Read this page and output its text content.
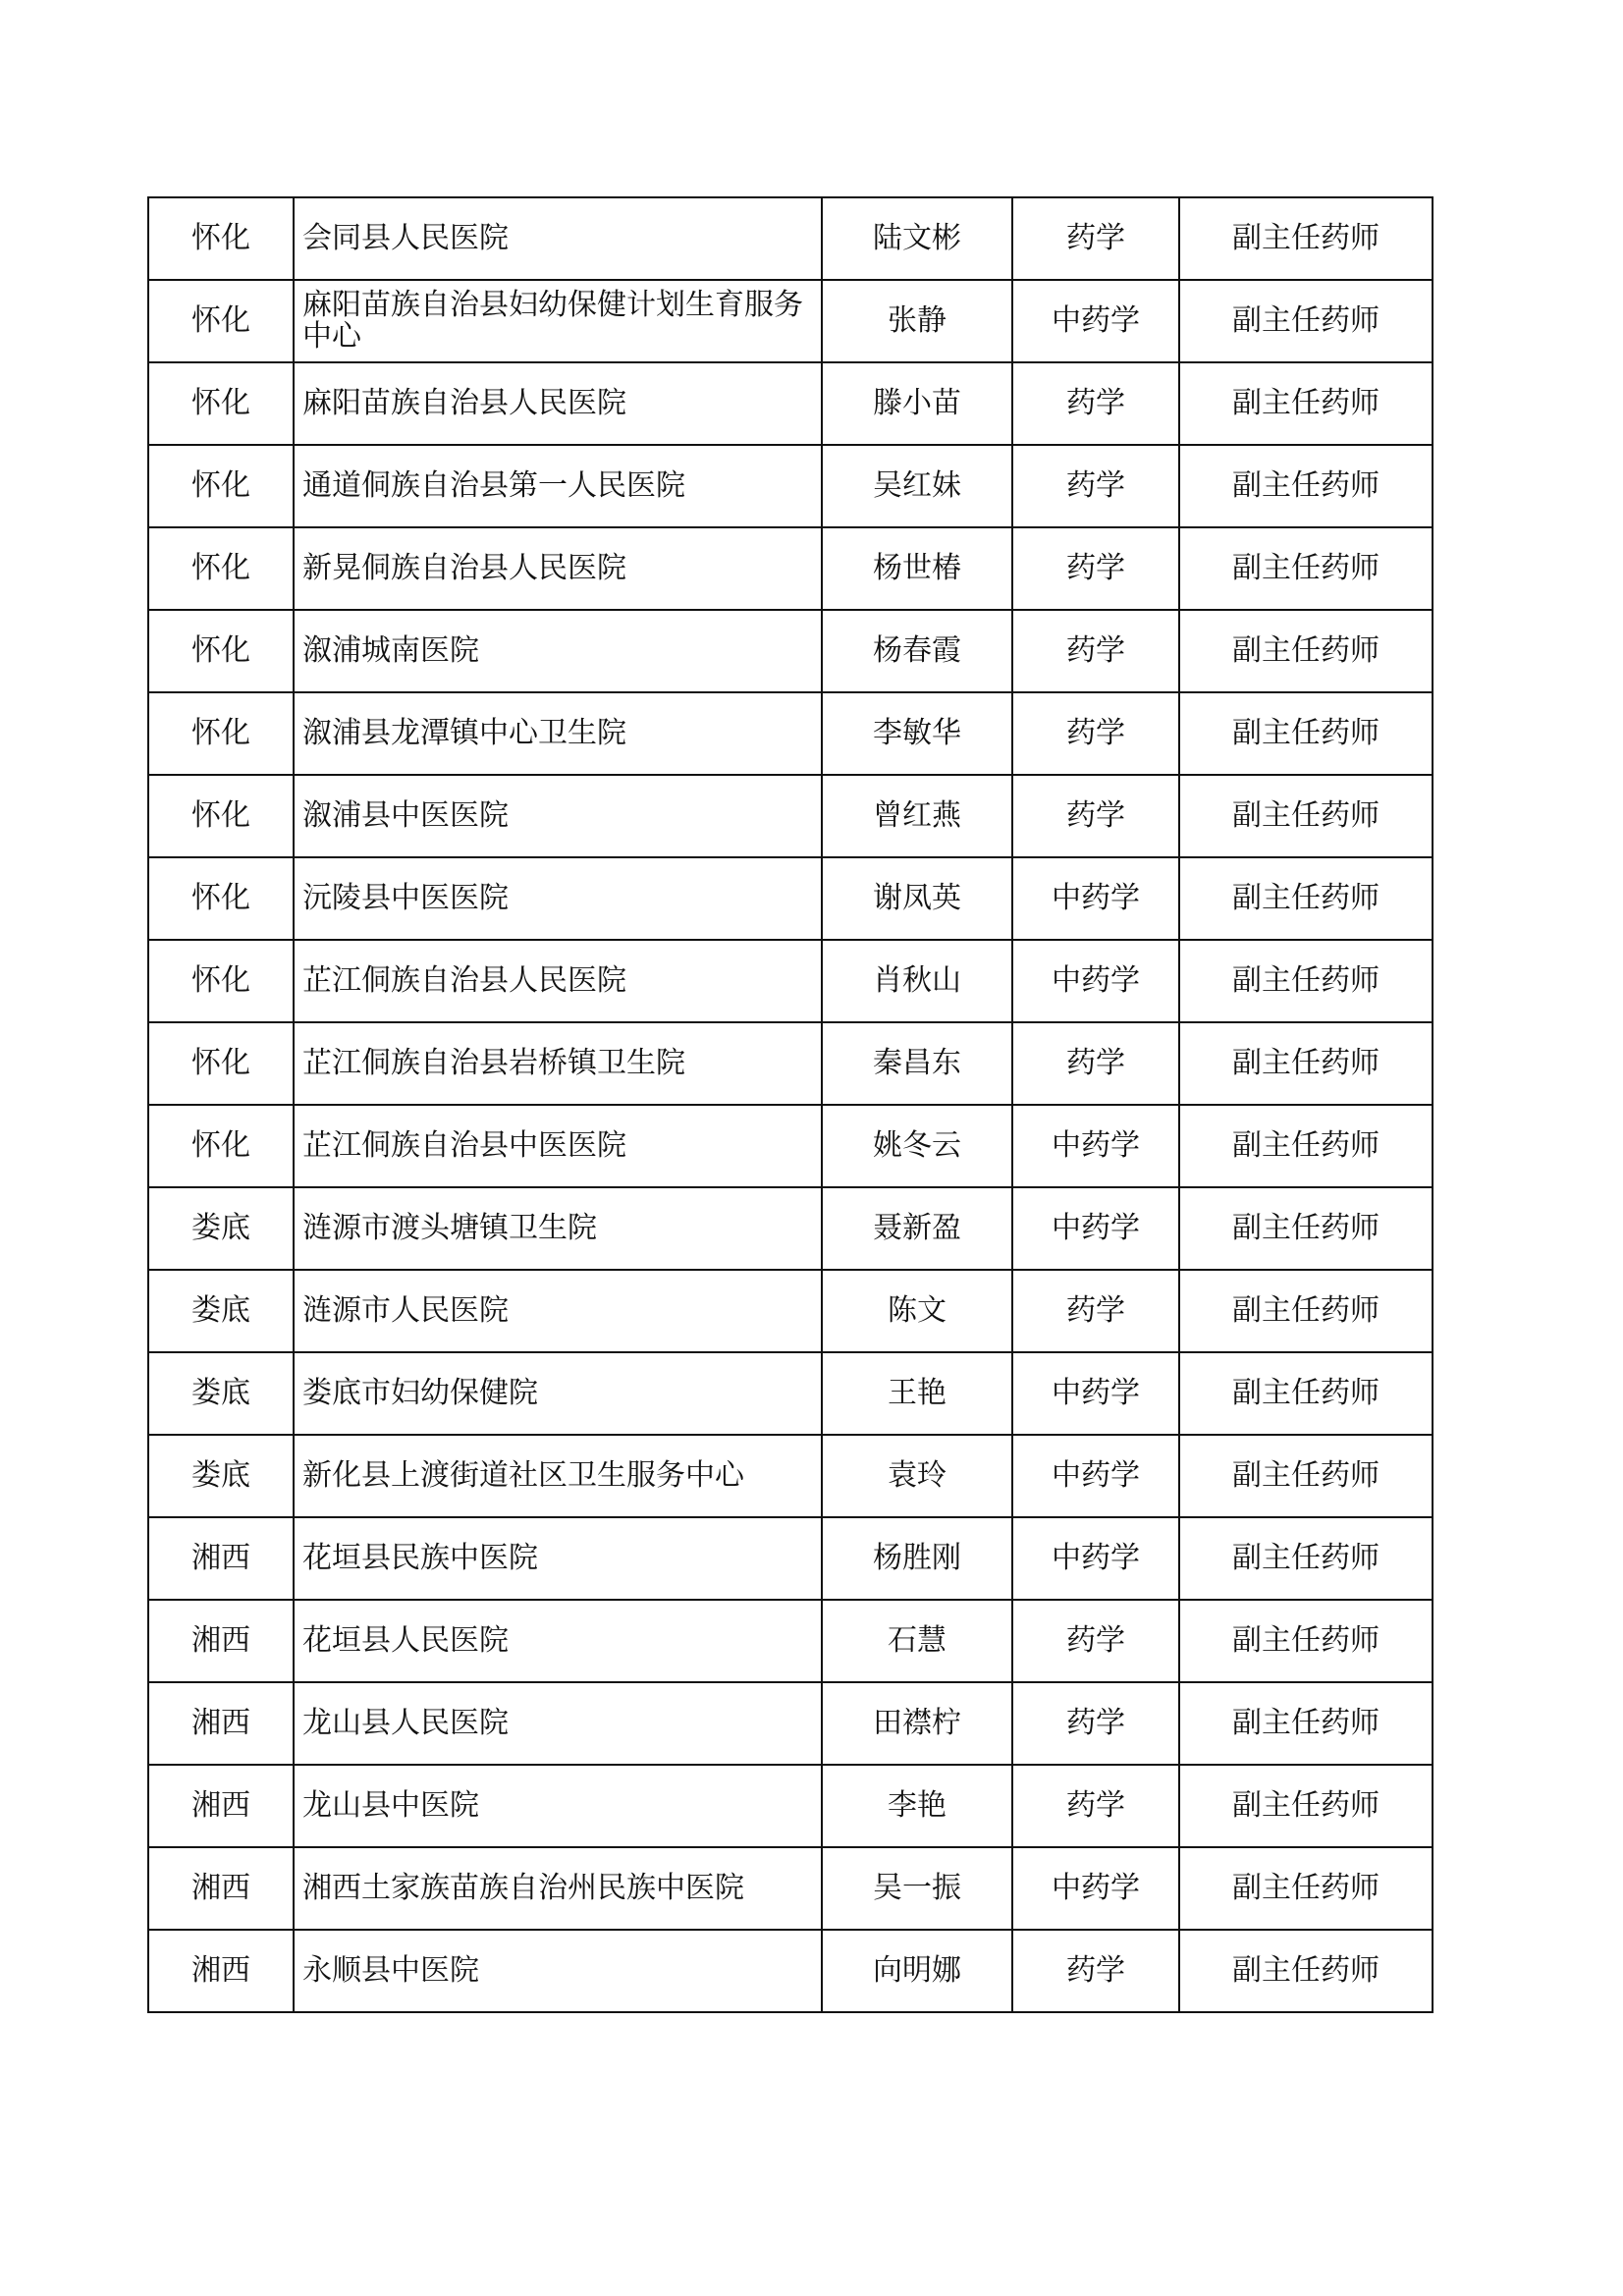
怀化	会同县人民医院	陆文彬	药学	副主任药师
怀化	麻阳苗族自治县妇幼保健计划生育服务中心	张静	中药学	副主任药师
怀化	麻阳苗族自治县人民医院	滕小苗	药学	副主任药师
怀化	通道侗族自治县第一人民医院	吴红妹	药学	副主任药师
怀化	新晃侗族自治县人民医院	杨世椿	药学	副主任药师
怀化	溆浦城南医院	杨春霞	药学	副主任药师
怀化	溆浦县龙潭镇中心卫生院	李敏华	药学	副主任药师
怀化	溆浦县中医医院	曾红燕	药学	副主任药师
怀化	沅陵县中医医院	谢凤英	中药学	副主任药师
怀化	芷江侗族自治县人民医院	肖秋山	中药学	副主任药师
怀化	芷江侗族自治县岩桥镇卫生院	秦昌东	药学	副主任药师
怀化	芷江侗族自治县中医医院	姚冬云	中药学	副主任药师
娄底	涟源市渡头塘镇卫生院	聂新盈	中药学	副主任药师
娄底	涟源市人民医院	陈文	药学	副主任药师
娄底	娄底市妇幼保健院	王艳	中药学	副主任药师
娄底	新化县上渡街道社区卫生服务中心	袁玲	中药学	副主任药师
湘西	花垣县民族中医院	杨胜刚	中药学	副主任药师
湘西	花垣县人民医院	石慧	药学	副主任药师
湘西	龙山县人民医院	田襟柠	药学	副主任药师
湘西	龙山县中医院	李艳	药学	副主任药师
湘西	湘西土家族苗族自治州民族中医院	吴一振	中药学	副主任药师
湘西	永顺县中医院	向明娜	药学	副主任药师
